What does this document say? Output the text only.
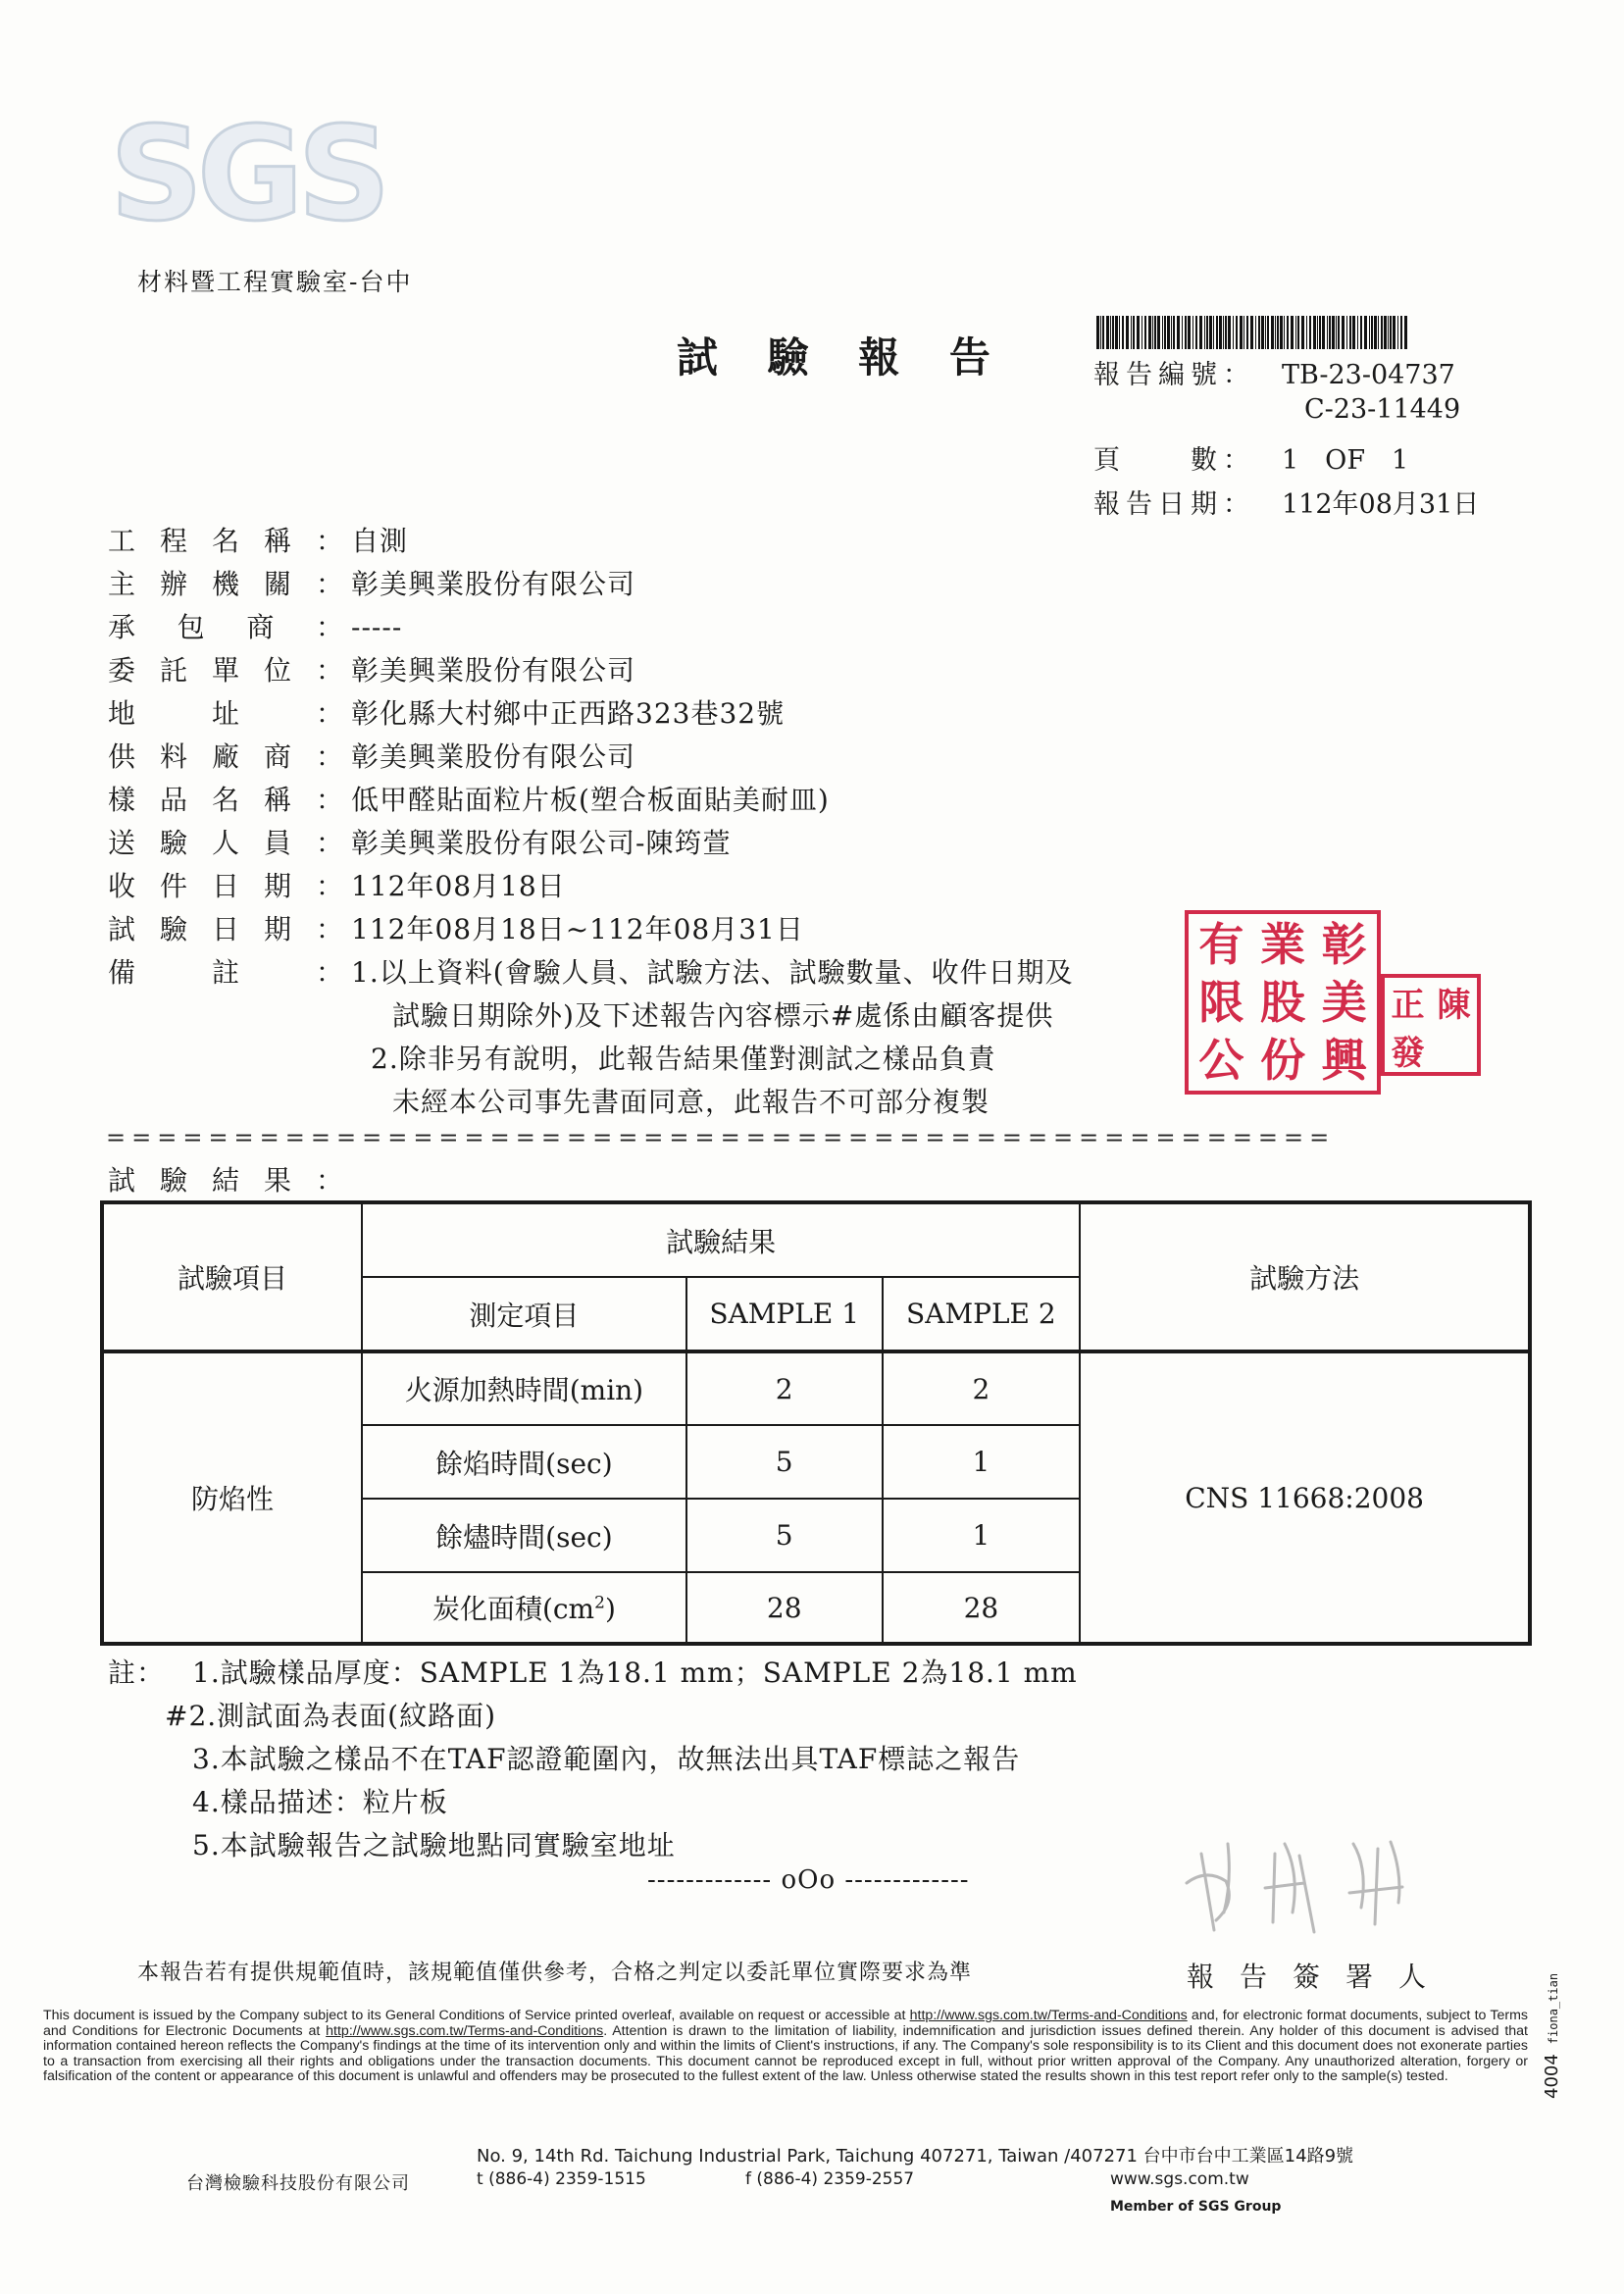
SGS
材料暨工程實驗室-台中
試 驗 報 告	報告編號： TB-23-04737
C-23-11449
頁　　數： 1　OF　1
報告日期： 112年08月31日
工程名稱： 自測
主辦機關： 彰美興業股份有限公司
承包商： -----
委託單位： 彰美興業股份有限公司
地址： 彰化縣大村鄉中正西路323巷32號
供料廠商： 彰美興業股份有限公司
樣品名稱： 低甲醛貼面粒片板(塑合板面貼美耐皿)
送驗人員： 彰美興業股份有限公司-陳筠萱
收件日期： 112年08月18日
試驗日期： 112年08月18日~112年08月31日
備註： 1.以上資料(會驗人員、試驗方法、試驗數量、收件日期及
試驗日期除外)及下述報告內容標示#處係由顧客提供
2.除非另有說明，此報告結果僅對測試之樣品負責
未經本公司事先書面同意，此報告不可部分複製
彰
美
興
業
股
份
有
限
公
陳
正
發
================================================
試驗結果：
試驗項目	試驗結果			試驗方法
	測定項目	SAMPLE 1	SAMPLE 2	
防焰性	火源加熱時間(min)	2	2	CNS 11668:2008
	餘焰時間(sec)	5	1	
	餘燼時間(sec)	5	1	
	炭化面積$(cm^2)$	28	28	
註： 1.試驗樣品厚度：SAMPLE 1為18.1 mm；SAMPLE 2為18.1 mm
#2.測試面為表面(紋路面)
3.本試驗之樣品不在TAF認證範圍內，故無法出具TAF標誌之報告
4.樣品描述：粒片板
5.本試驗報告之試驗地點同實驗室地址
------------- oOo -------------
本報告若有提供規範值時，該規範值僅供參考，合格之判定以委託單位實際要求為準	報告簽署人
This document is issued by the Company subject to its General Conditions of Service printed overleaf, available on request or accessible at http://www.sgs.com.tw/Terms-and-Conditions and, for electronic format documents, subject to Terms and Conditions for Electronic Documents at http://www.sgs.com.tw/Terms-and-Conditions. Attention is drawn to the limitation of liability, indemnification and jurisdiction issues defined therein. Any holder of this document is advised that information contained hereon reflects the Company's findings at the time of its intervention only and within the limits of Client's instructions, if any. The Company's sole responsibility is to its Client and this document does not exonerate parties to a transaction from exercising all their rights and obligations under the transaction documents. This document cannot be reproduced except in full, without prior written approval of the Company. Any unauthorized alteration, forgery or falsification of the content or appearance of this document is unlawful and offenders may be prosecuted to the fullest extent of the law. Unless otherwise stated the results shown in this test report refer only to the sample(s) tested.
No. 9, 14th Rd. Taichung Industrial Park, Taichung 407271, Taiwan /407271 台中市台中工業區14路9號
台灣檢驗科技股份有限公司	t (886-4) 2359-1515	f (886-4) 2359-2557	www.sgs.com.tw
Member of SGS Group
4004fiona_tian
